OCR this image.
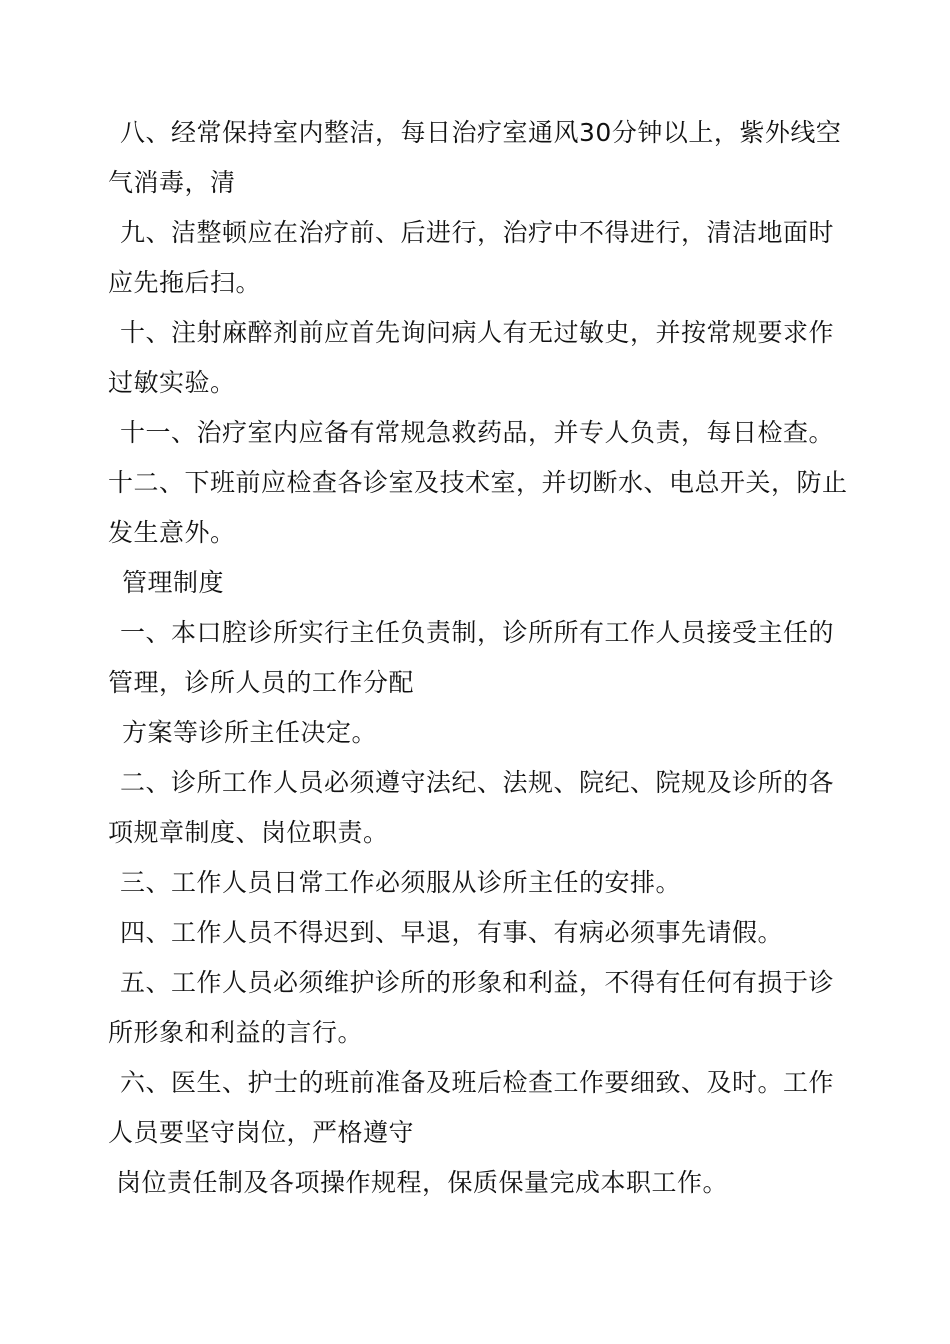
八、经常保持室内整洁，每日治疗室通风30分钟以上，紫外线空
气消毒，清
九、洁整顿应在治疗前、后进行，治疗中不得进行，清洁地面时
应先拖后扫。
十、注射麻醉剂前应首先询问病人有无过敏史，并按常规要求作
过敏实验。
十一、治疗室内应备有常规急救药品，并专人负责，每日检查。
十二、下班前应检查各诊室及技术室，并切断水、电总开关，防止
发生意外。
管理制度
一、本口腔诊所实行主任负责制，诊所所有工作人员接受主任的
管理，诊所人员的工作分配
方案等诊所主任决定。
二、诊所工作人员必须遵守法纪、法规、院纪、院规及诊所的各
项规章制度、岗位职责。
三、工作人员日常工作必须服从诊所主任的安排。
四、工作人员不得迟到、早退，有事、有病必须事先请假。
五、工作人员必须维护诊所的形象和利益，不得有任何有损于诊
所形象和利益的言行。
六、医生、护士的班前准备及班后检查工作要细致、及时。工作
人员要坚守岗位，严格遵守
岗位责任制及各项操作规程，保质保量完成本职工作。
